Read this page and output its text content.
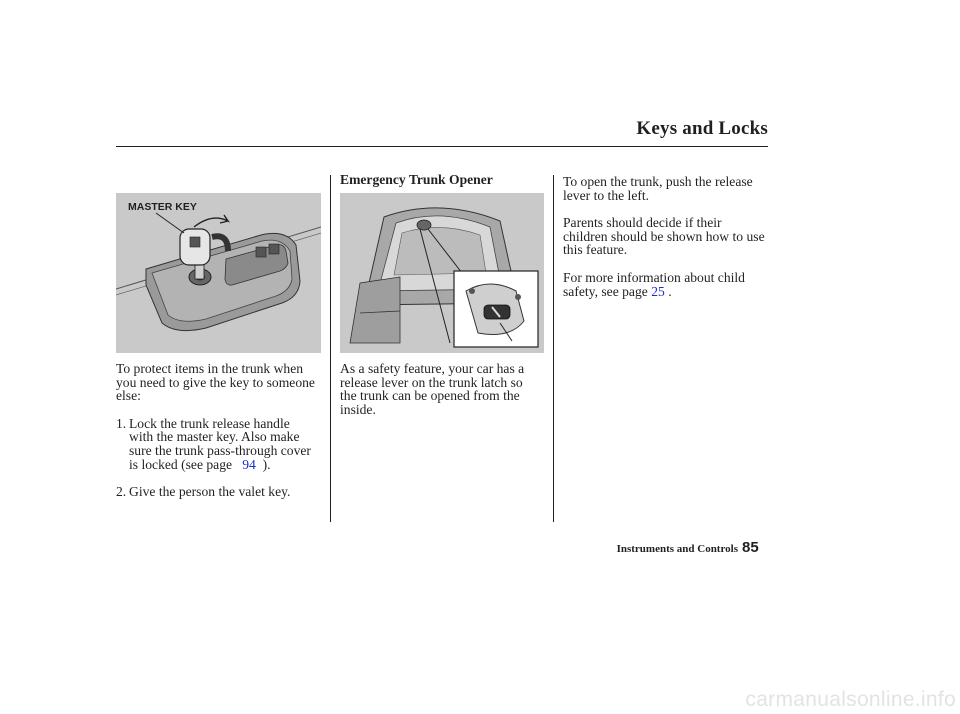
Keys and Locks
MASTER KEY
Emergency Trunk Opener

To protect items in the trunk when
you need to give the key to someone
else:

1. Lock the trunk release handle
with the master key. Also make
sure the trunk pass-through cover
is locked (see page 94 ).

2. Give the person the valet key.

As a safety feature, your car has a
release lever on the trunk latch so
the trunk can be opened from the
inside.

To open the trunk, push the release
lever to the left.

Parents should decide if their
children should be shown how to use
this feature.

For more information about child
safety, see page 25 .

Instruments and Controls 85
carmanualsonline.info
